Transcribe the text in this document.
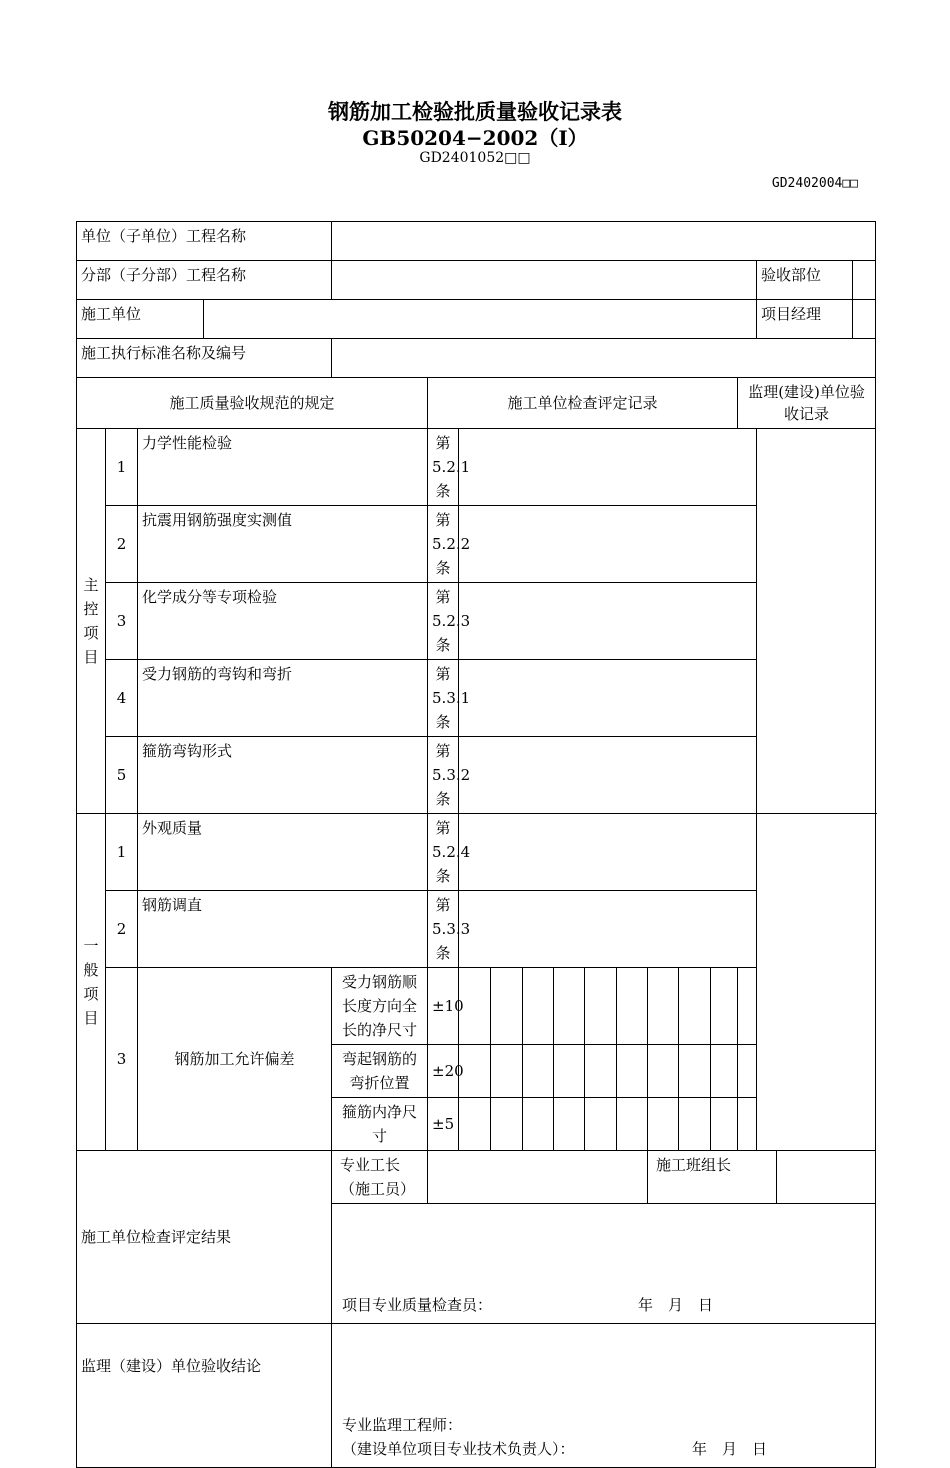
钢筋加工检验批质量验收记录表
GB50204−2002（Ⅰ）
GD2401052□□
GD2402004□□
单位（子单位）工程名称																		
分部（子分部）工程名称																验收部位		
施工单位																项目经理		
施工执行标准名称及编号																		
施工质量验收规范的规定					施工单位检查评定记录										监理(建设)单位验收记录			
主控项目	1	力学性能检验			第 5.2.1 条													
	2	抗震用钢筋强度实测值			第 5.2.2 条													
	3	化学成分等专项检验			第 5.2.3 条													
	4	受力钢筋的弯钩和弯折			第 5.3.1 条													
	5	箍筋弯钩形式			第 5.3.2 条													
一般项目	1	外观质量			第 5.2.4 条													
	2	钢筋调直			第 5.3.3 条													
	3	钢筋加工允许偏差		受力钢筋顺长度方向全长的净尺寸	±10													
				弯起钢筋的弯折位置	±20													
				箍筋内净尺寸	±5													
施工单位检查评定结果				专业工长（施工员）								施工班组长						

				项目专业质量检查员： 年　月　日														

监理（建设）单位验收结论				专业监理工程师：
（建设单位项目专业技术负责人）： 年　月　日														
